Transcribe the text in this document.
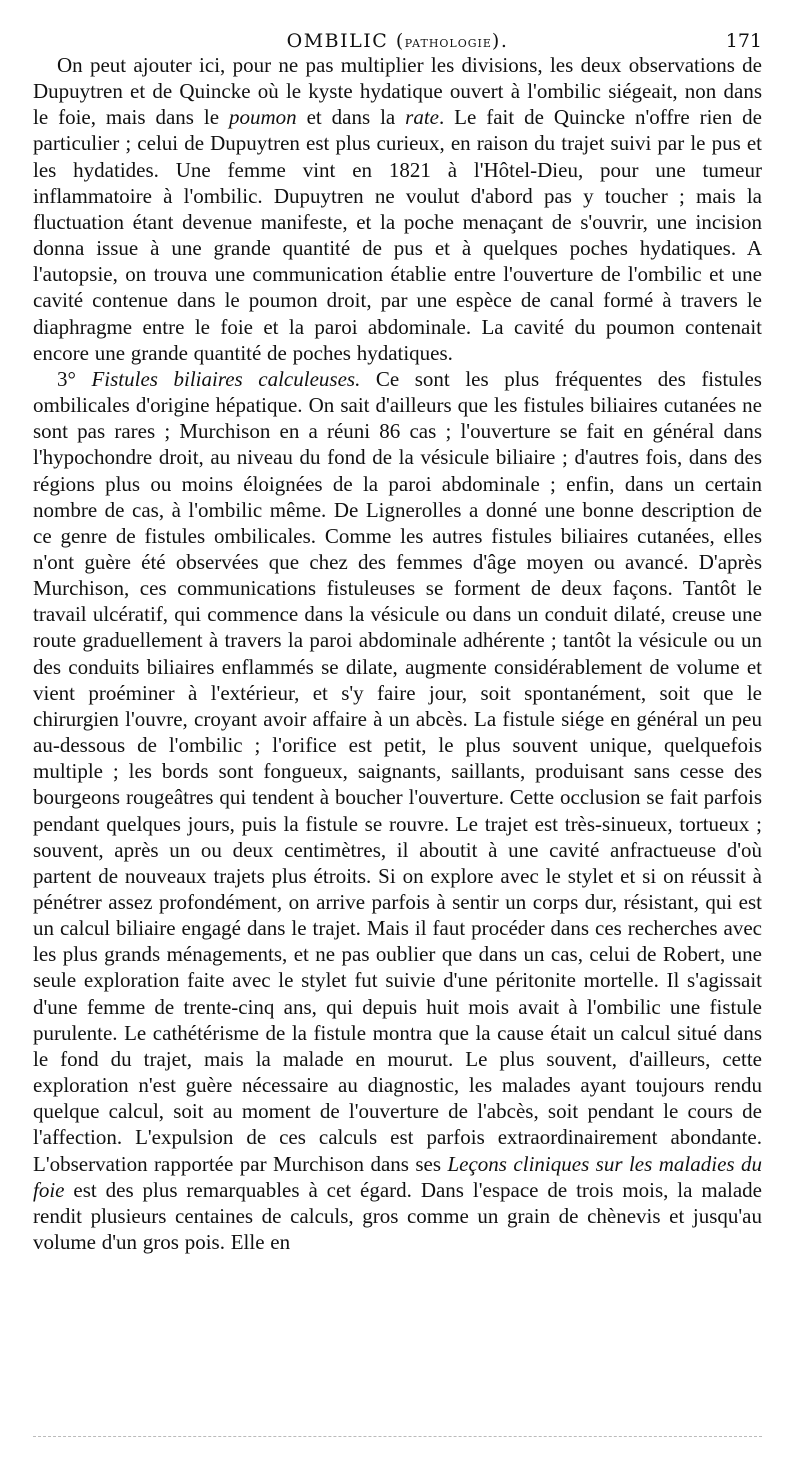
OMBILIC (pathologie).	171

On peut ajouter ici, pour ne pas multiplier les divisions, les deux observations de Dupuytren et de Quincke où le kyste hydatique ouvert à l'ombilic siégeait, non dans le foie, mais dans le poumon et dans la rate. Le fait de Quincke n'offre rien de particulier ; celui de Dupuytren est plus curieux, en raison du trajet suivi par le pus et les hydatides. Une femme vint en 1821 à l'Hôtel-Dieu, pour une tumeur inflammatoire à l'ombilic. Dupuytren ne voulut d'abord pas y toucher ; mais la fluctuation étant devenue manifeste, et la poche menaçant de s'ouvrir, une incision donna issue à une grande quantité de pus et à quelques poches hydatiques. A l'autopsie, on trouva une communication établie entre l'ouverture de l'ombilic et une cavité contenue dans le poumon droit, par une espèce de canal formé à travers le diaphragme entre le foie et la paroi abdominale. La cavité du poumon contenait encore une grande quantité de poches hydatiques.

3° Fistules biliaires calculeuses. Ce sont les plus fréquentes des fistules ombilicales d'origine hépatique. On sait d'ailleurs que les fistules biliaires cutanées ne sont pas rares ; Murchison en a réuni 86 cas ; l'ouverture se fait en général dans l'hypochondre droit, au niveau du fond de la vésicule biliaire ; d'autres fois, dans des régions plus ou moins éloignées de la paroi abdominale ; enfin, dans un certain nombre de cas, à l'ombilic même. De Lignerolles a donné une bonne description de ce genre de fistules ombilicales. Comme les autres fistules biliaires cutanées, elles n'ont guère été observées que chez des femmes d'âge moyen ou avancé. D'après Murchison, ces communications fistuleuses se forment de deux façons. Tantôt le travail ulcératif, qui commence dans la vésicule ou dans un conduit dilaté, creuse une route graduellement à travers la paroi abdominale adhérente ; tantôt la vésicule ou un des conduits biliaires enflammés se dilate, augmente considérablement de volume et vient proéminer à l'extérieur, et s'y faire jour, soit spontanément, soit que le chirurgien l'ouvre, croyant avoir affaire à un abcès. La fistule siége en général un peu au-dessous de l'ombilic ; l'orifice est petit, le plus souvent unique, quelquefois multiple ; les bords sont fongueux, saignants, saillants, produisant sans cesse des bourgeons rougeâtres qui tendent à boucher l'ouverture. Cette occlusion se fait parfois pendant quelques jours, puis la fistule se rouvre. Le trajet est très-sinueux, tortueux ; souvent, après un ou deux centimètres, il aboutit à une cavité anfractueuse d'où partent de nouveaux trajets plus étroits. Si on explore avec le stylet et si on réussit à pénétrer assez profondément, on arrive parfois à sentir un corps dur, résistant, qui est un calcul biliaire engagé dans le trajet. Mais il faut procéder dans ces recherches avec les plus grands ménagements, et ne pas oublier que dans un cas, celui de Robert, une seule exploration faite avec le stylet fut suivie d'une péritonite mortelle. Il s'agissait d'une femme de trente-cinq ans, qui depuis huit mois avait à l'ombilic une fistule purulente. Le cathétérisme de la fistule montra que la cause était un calcul situé dans le fond du trajet, mais la malade en mourut. Le plus souvent, d'ailleurs, cette exploration n'est guère nécessaire au diagnostic, les malades ayant toujours rendu quelque calcul, soit au moment de l'ouverture de l'abcès, soit pendant le cours de l'affection. L'expulsion de ces calculs est parfois extraordinairement abondante. L'observation rapportée par Murchison dans ses Leçons cliniques sur les maladies du foie est des plus remarquables à cet égard. Dans l'espace de trois mois, la malade rendit plusieurs centaines de calculs, gros comme un grain de chènevis et jusqu'au volume d'un gros pois. Elle en
